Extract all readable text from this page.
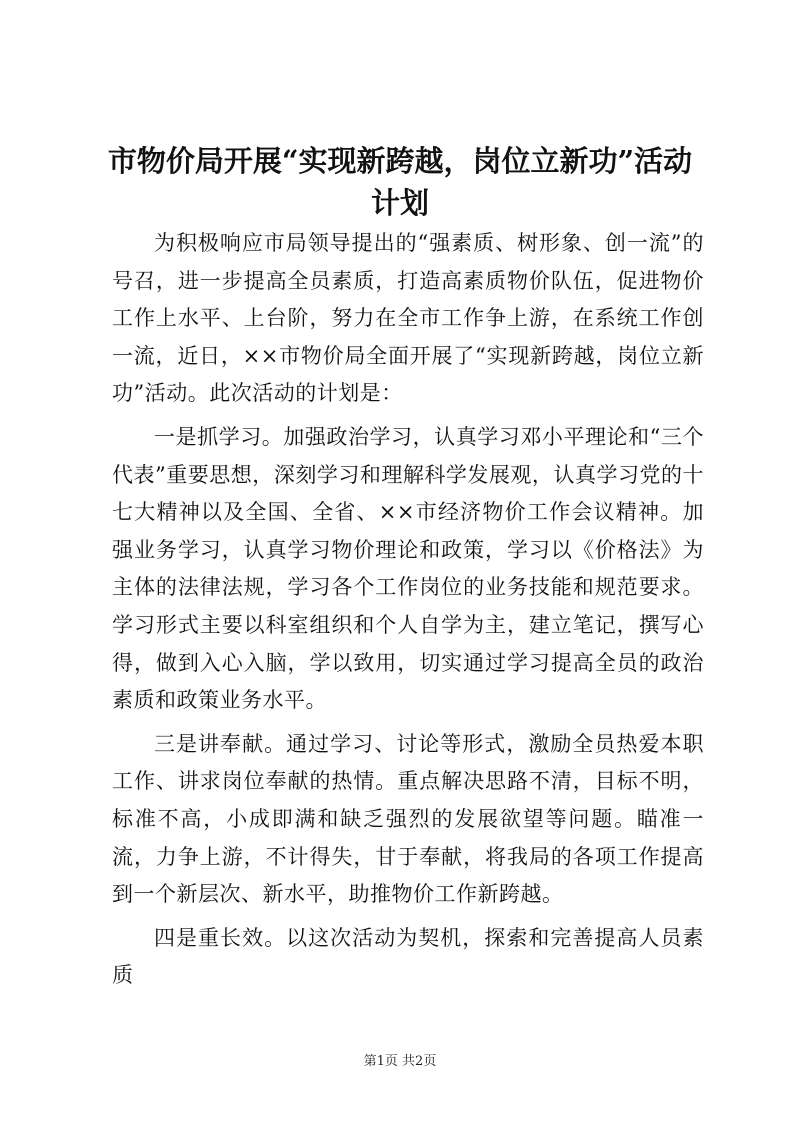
市物价局开展“实现新跨越，岗位立新功”活动计划

为积极响应市局领导提出的“强素质、树形象、创一流”的号召，进一步提高全员素质，打造高素质物价队伍，促进物价工作上水平、上台阶，努力在全市工作争上游，在系统工作创一流，近日，××市物价局全面开展了“实现新跨越，岗位立新功”活动。此次活动的计划是：

一是抓学习。加强政治学习，认真学习邓小平理论和“三个代表”重要思想，深刻学习和理解科学发展观，认真学习党的十七大精神以及全国、全省、××市经济物价工作会议精神。加强业务学习，认真学习物价理论和政策，学习以《价格法》为主体的法律法规，学习各个工作岗位的业务技能和规范要求。学习形式主要以科室组织和个人自学为主，建立笔记，撰写心得，做到入心入脑，学以致用，切实通过学习提高全员的政治素质和政策业务水平。

三是讲奉献。通过学习、讨论等形式，激励全员热爱本职工作、讲求岗位奉献的热情。重点解决思路不清，目标不明，标准不高，小成即满和缺乏强烈的发展欲望等问题。瞄准一流，力争上游，不计得失，甘于奉献，将我局的各项工作提高到一个新层次、新水平，助推物价工作新跨越。

四是重长效。以这次活动为契机，探索和完善提高人员素质

第1页 共2页
